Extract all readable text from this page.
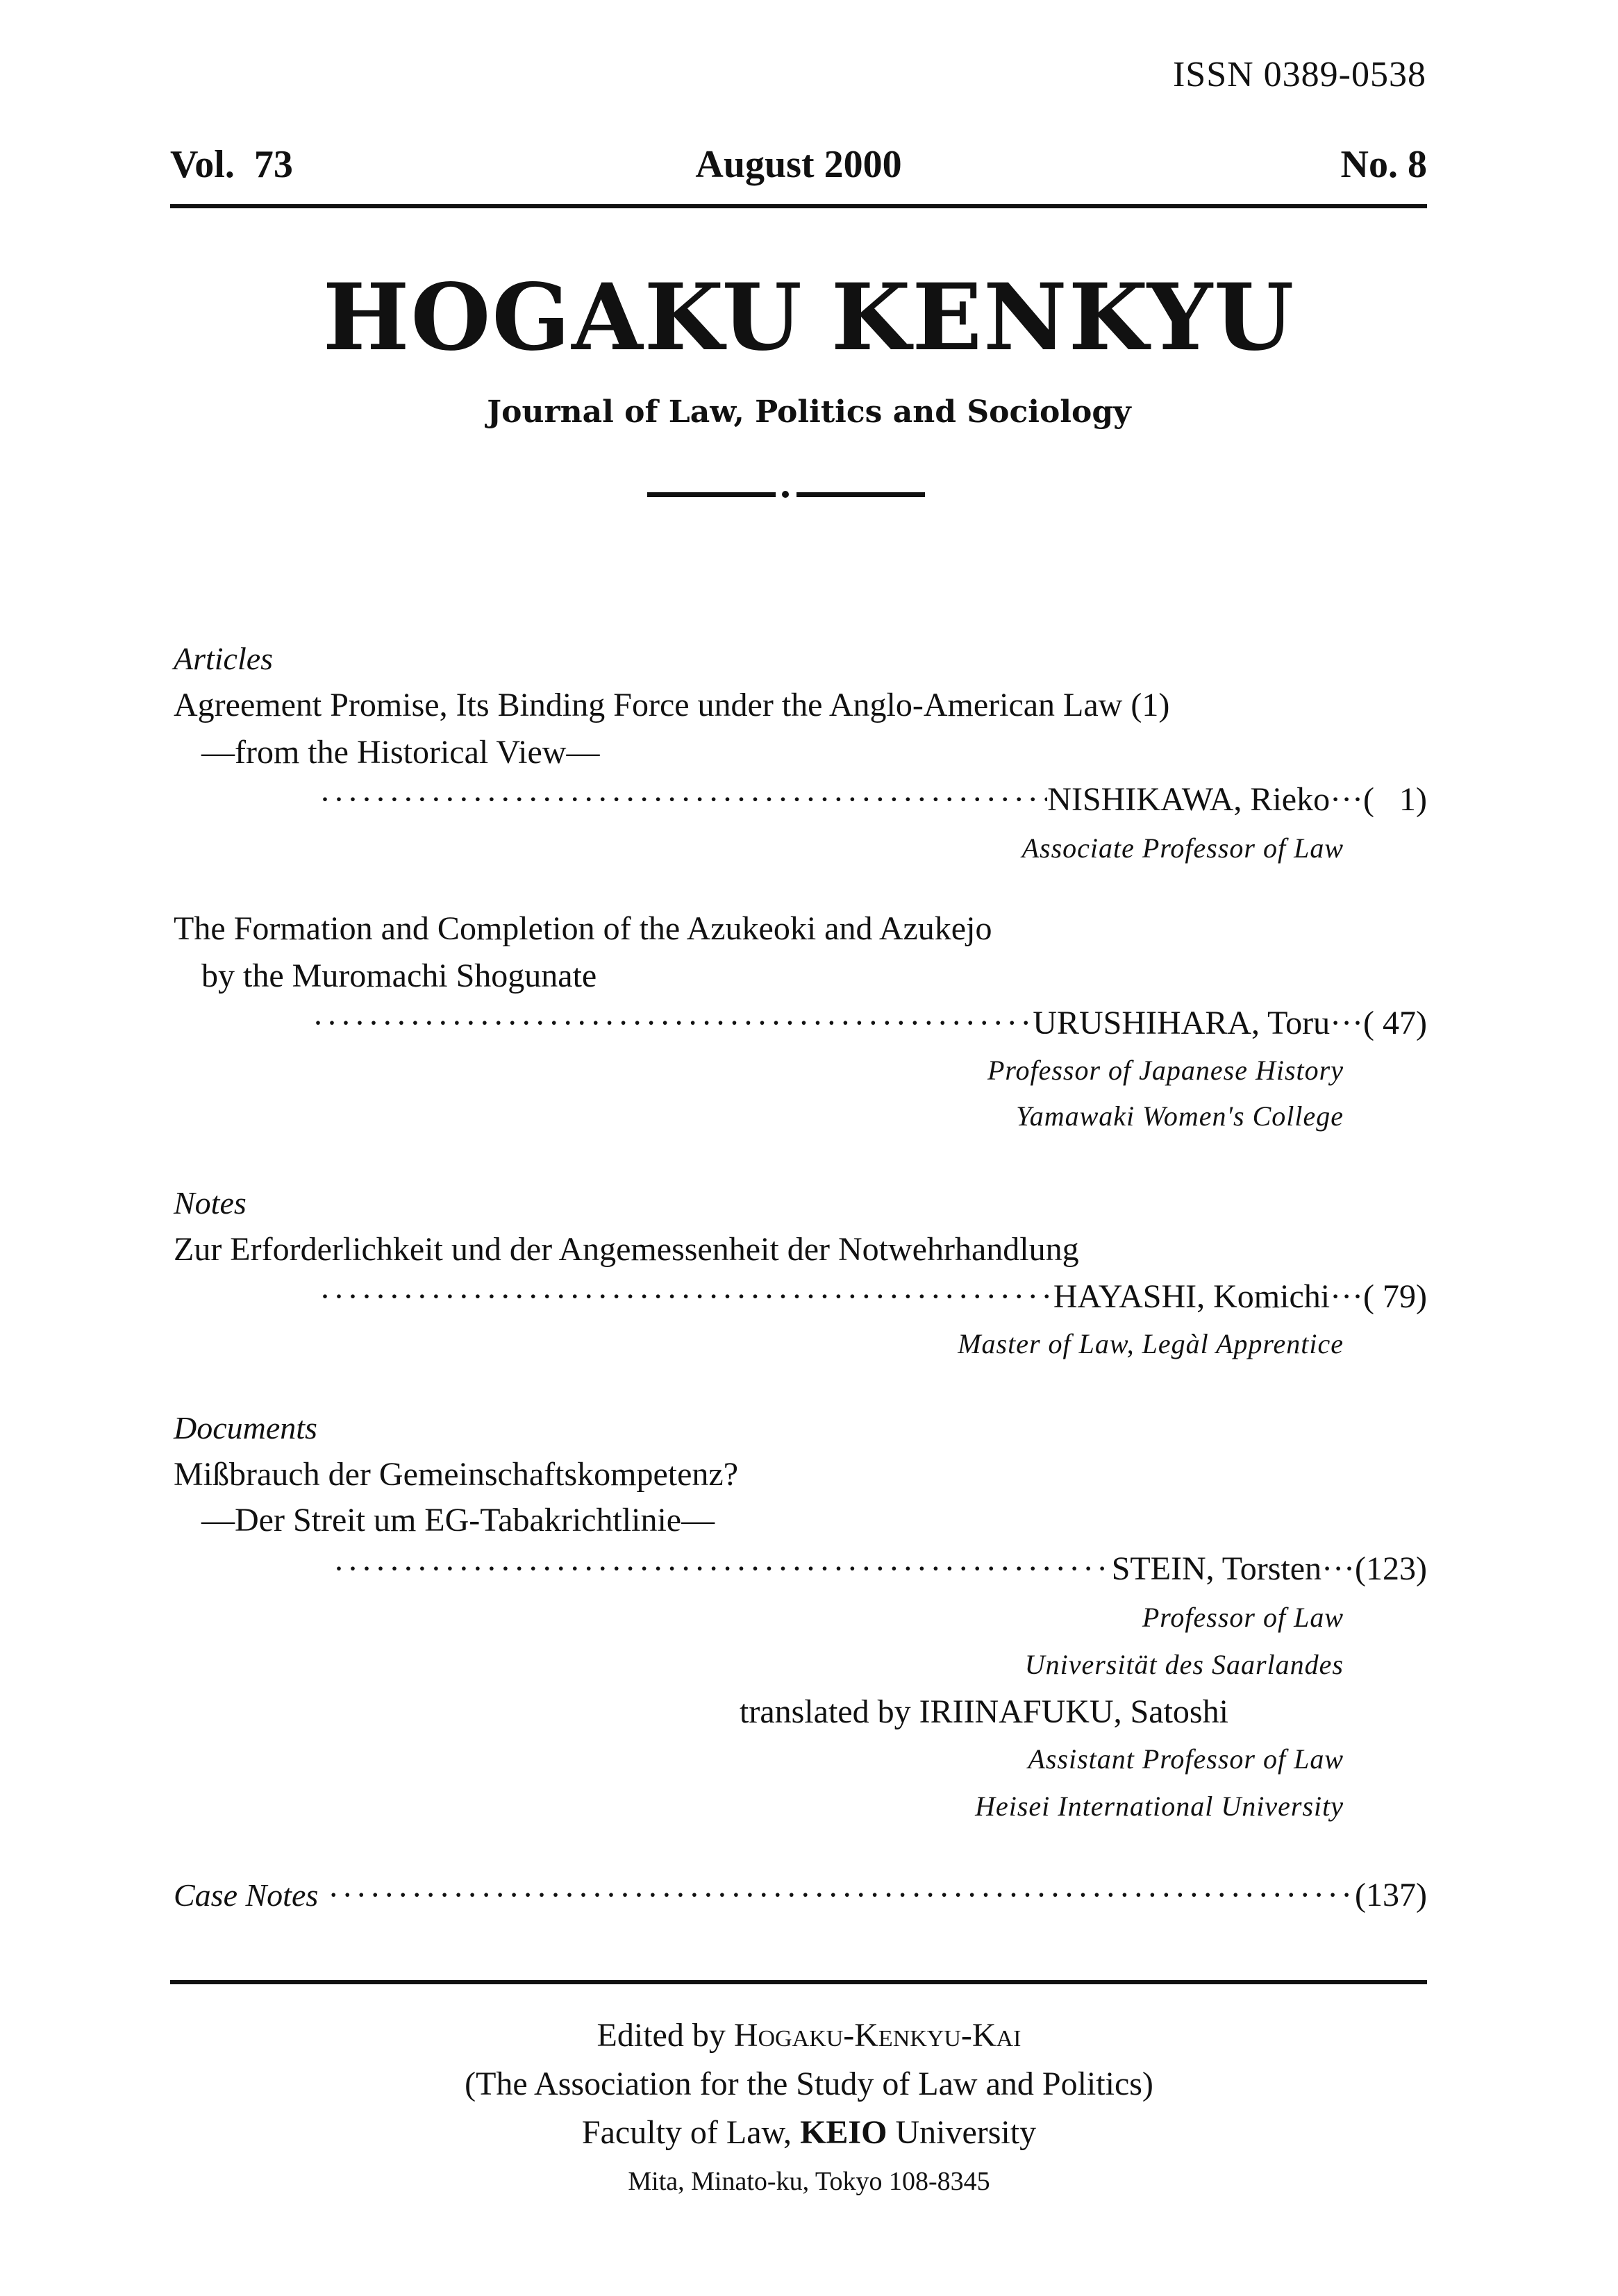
ISSN 0389-0538
Vol.  73	August 2000	No. 8
HOGAKU KENKYU
Journal of Law, Politics and Sociology
Articles
Agreement Promise, Its Binding Force under the Anglo-American Law (1)
—from the Historical View—
·····
NISHIKAWA, Rieko ···(   1)
Associate Professor of Law
The Formation and Completion of the Azukeoki and Azukejo
by the Muromachi Shogunate
·····
URUSHIHARA, Toru ···( 47)
Professor of Japanese History
Yamawaki Women's College
Notes
Zur Erforderlichkeit und der Angemessenheit der Notwehrhandlung
·····
HAYASHI, Komichi ···( 79)
Master of Law, Legàl Apprentice
Documents
Mißbrauch der Gemeinschaftskompetenz?
—Der Streit um EG-Tabakrichtlinie—
·····
STEIN, Torsten ···(123)
Professor of Law
Universität des Saarlandes
translated by IRIINAFUKU, Satoshi
Assistant Professor of Law
Heisei International University
Case Notes ·····	(137)
Edited by Hogaku-Kenkyu-Kai
(The Association for the Study of Law and Politics)
Faculty of Law, KEIO University
Mita, Minato-ku, Tokyo 108-8345
